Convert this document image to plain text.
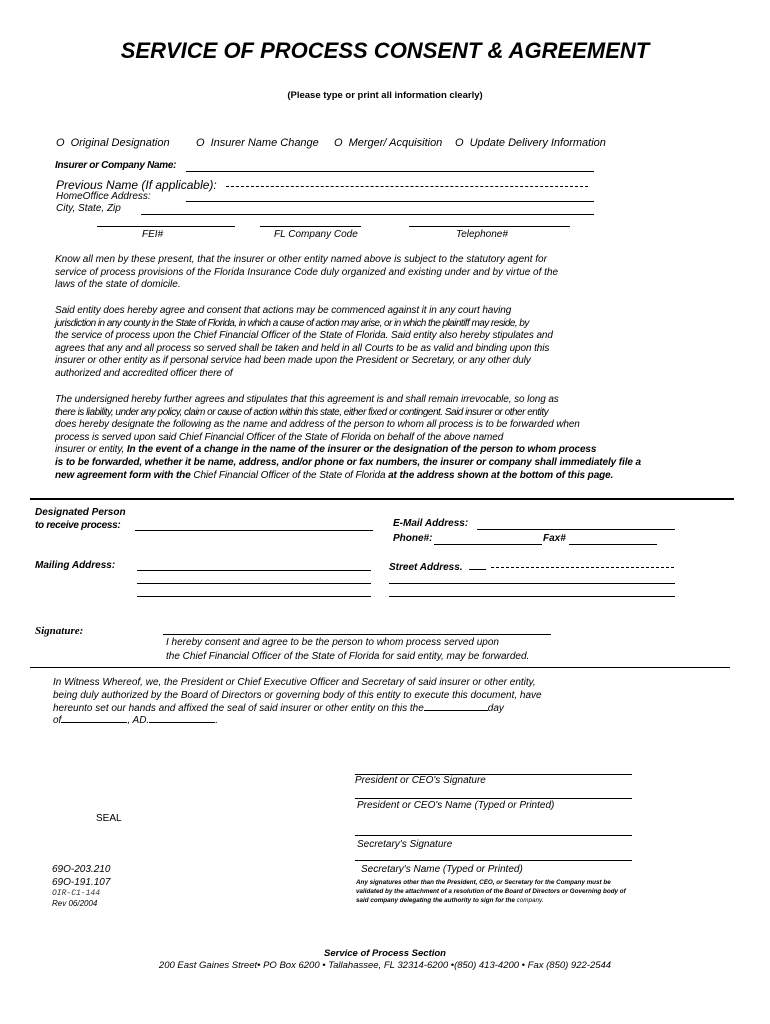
SERVICE OF PROCESS CONSENT & AGREEMENT
(Please type or print all information clearly)
O Original Designation O Insurer Name Change O Merger/ Acquisition O Update Delivery Information
Insurer or Company Name:
Previous Name (If applicable):
HomeOffice Address:
City, State, Zip
FEI#	FL Company Code	Telephone#
Know all men by these present, that the insurer or other entity named above is subject to the statutory agent for
service of process provisions of the Florida Insurance Code duly organized and existing under and by virtue of the
laws of the state of domicile.
Said entity does hereby agree and consent that actions may be commenced against it in any court having
jurisdiction in any county in the State of Florida, in which a cause of action may arise, or in which the plaintiff may reside, by
the service of process upon the Chief Financial Officer of the State of Florida. Said entity also hereby stipulates and
agrees that any and all process so served shall be taken and held in all Courts to be as valid and binding upon this
insurer or other entity as if personal service had been made upon the President or Secretary, or any other duly
authorized and accredited officer there of
The undersigned hereby further agrees and stipulates that this agreement is and shall remain irrevocable, so long as
there is liability, under any policy, claim or cause of action within this state, either fixed or contingent. Said insurer or other entity
does hereby designate the following as the name and address of the person to whom all process is to be forwarded when
process is served upon said Chief Financial Officer of the State of Florida on behalf of the above named
insurer or entity, In the event of a change in the name of the insurer or the designation of the person to whom process
is to be forwarded, whether it be name, address, and/or phone or fax numbers, the insurer or company shall immediately file a
new agreement form with the Chief Financial Officer of the State of Florida at the address shown at the bottom of this page.
Designated Person
to receive process:	E-Mail Address:
Phone#:	Fax#
Mailing Address:	Street Address.
Signature:
I hereby consent and agree to be the person to whom process served upon
the Chief Financial Officer of the State of Florida for said entity, may be forwarded.
In Witness Whereof, we, the President or Chief Executive Officer and Secretary of said insurer or other entity,
being duly authorized by the Board of Directors or governing body of this entity to execute this document, have
hereunto set our hands and affixed the seal of said insurer or other entity on this the	day
of	, AD.	.
President or CEO's Signature
President or CEO's Name (Typed or Printed)
SEAL
Secretary's Signature
Secretary's Name (Typed or Printed)
Any signatures other than the President, CEO, or Secretary for the Company must be
validated by the attachment of a resolution of the Board of Directors or Governing body of
said company delegating the authority to sign for the company.
69O-203.210
69O-191.107
OIR-C1-144
Rev 06/2004
Service of Process Section
200 East Gaines Street• PO Box 6200 • Tallahassee, FL 32314-6200 •(850) 413-4200 • Fax (850) 922-2544
